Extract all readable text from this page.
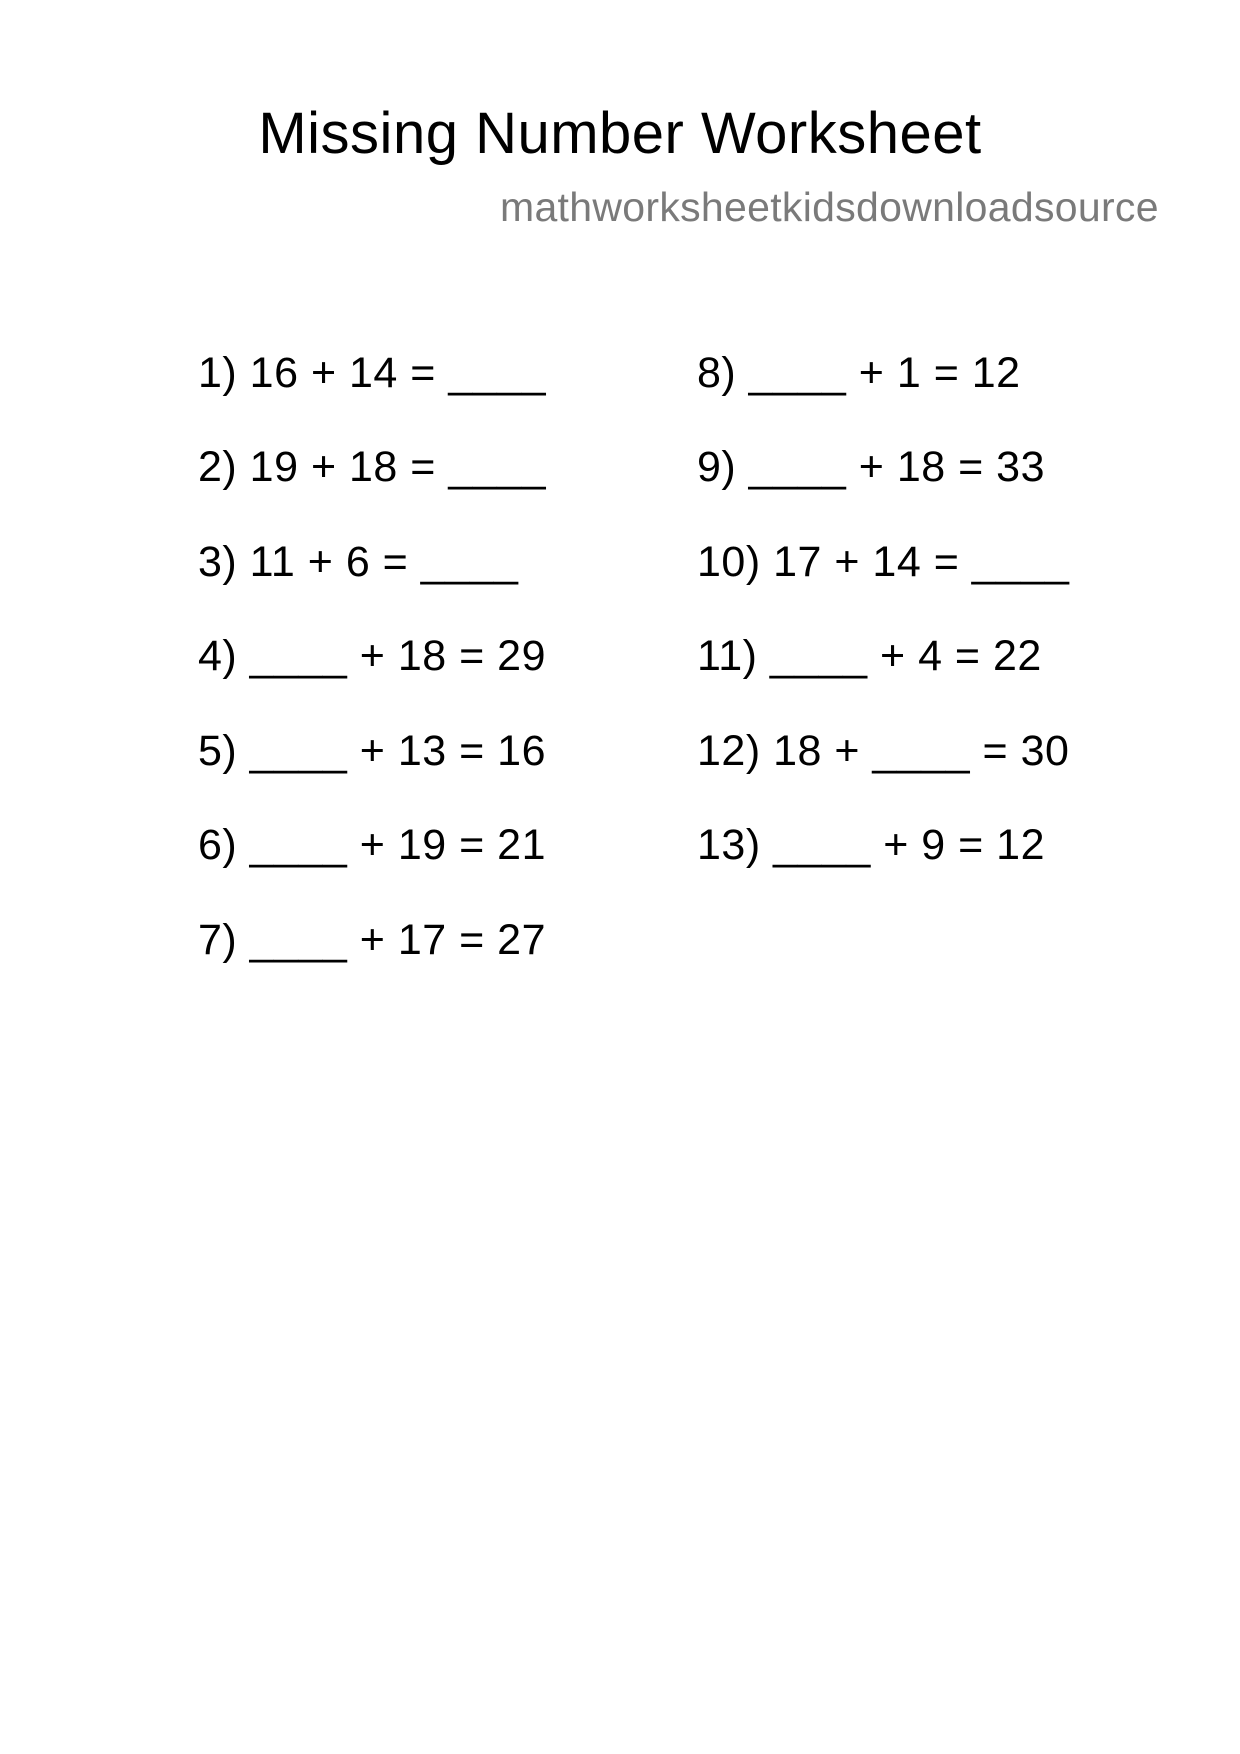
Missing Number Worksheet
mathworksheetkidsdownloadsource
1) 16 + 14 = ____
2) 19 + 18 = ____
3) 11 + 6 = ____
4) ____ + 18 = 29
5) ____ + 13 = 16
6) ____ + 19 = 21
7) ____ + 17 = 27
8) ____ + 1 = 12
9) ____ + 18 = 33
10) 17 + 14 = ____
11) ____ + 4 = 22
12) 18 + ____ = 30
13) ____ + 9 = 12
